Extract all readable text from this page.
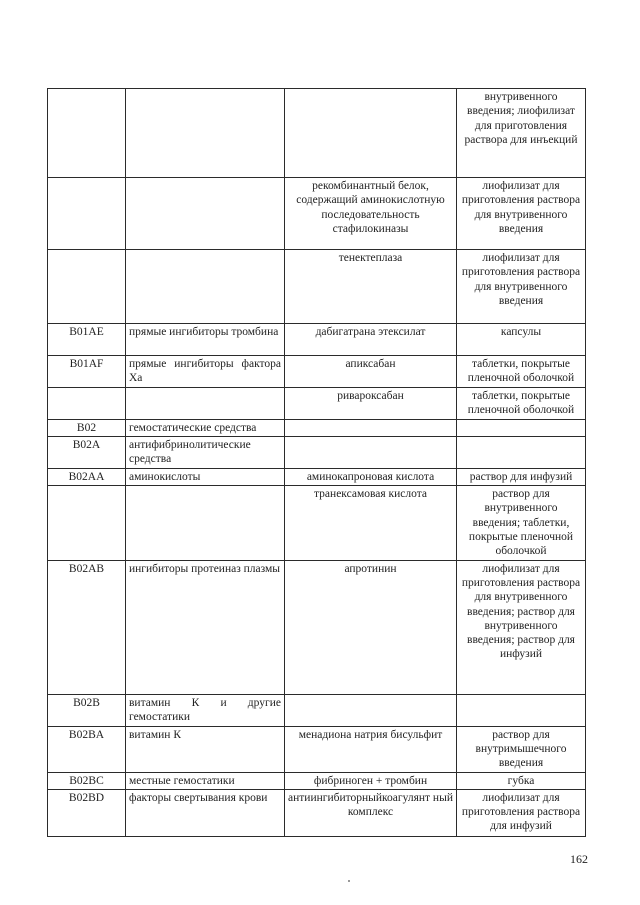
			внутривенного введения; лиофилизат для приготовления раствора для инъекций
		рекомбинантный белок, содержащий аминокислотную последовательность стафилокиназы	лиофилизат для приготовления раствора для внутривенного введения
		тенектеплаза	лиофилизат для приготовления раствора для внутривенного введения
B01AE	прямые ингибиторы тромбина	дабигатрана этексилат	капсулы
B01AF	прямые ингибиторы фактора Ха	апиксабан	таблетки, покрытые пленочной оболочкой
		ривароксабан	таблетки, покрытые пленочной оболочкой
B02	гемостатические средства		
B02A	антифибринолитические средства		
B02AA	аминокислоты	аминокапроновая кислота	раствор для инфузий
		транексамовая кислота	раствор для внутривенного введения; таблетки, покрытые пленочной оболочкой
B02AB	ингибиторы протеиназ плазмы	апротинин	лиофилизат для приготовления раствора для внутривенного введения; раствор для внутривенного введения; раствор для инфузий
B02B	витамин К и другие гемостатики		
B02BA	витамин К	менадиона натрия бисульфит	раствор для внутримышечного введения
B02BC	местные гемостатики	фибриноген + тромбин	губка
B02BD	факторы свертывания крови	антиингибиторныйкоагулянт ный комплекс	лиофилизат для приготовления раствора для инфузий
162
